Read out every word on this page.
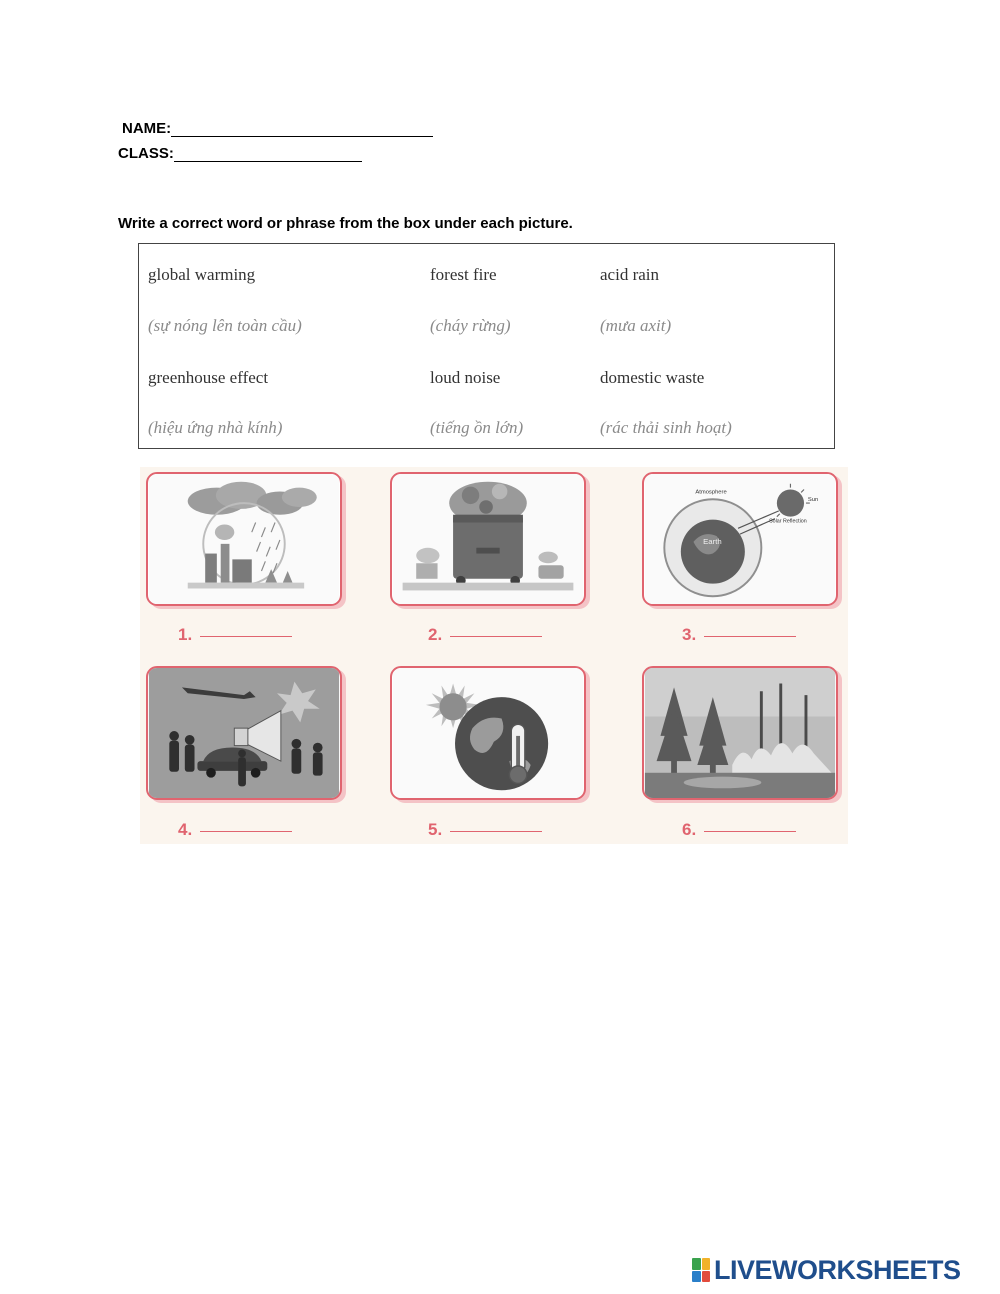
NAME:
CLASS:
Write a correct word or phrase from the box under each picture.
global warming	forest fire	acid rain
(sự nóng lên toàn cầu)	(cháy rừng)	(mưa axit)
greenhouse effect	loud noise	domestic waste
(hiệu ứng nhà kính)	(tiếng ồn lớn)	(rác thải sinh hoạt)
1.	2.
Atmosphere
Sun
Solar Reflection
Earth
3.
4.	5.	6.
LIVEWORKSHEETS
